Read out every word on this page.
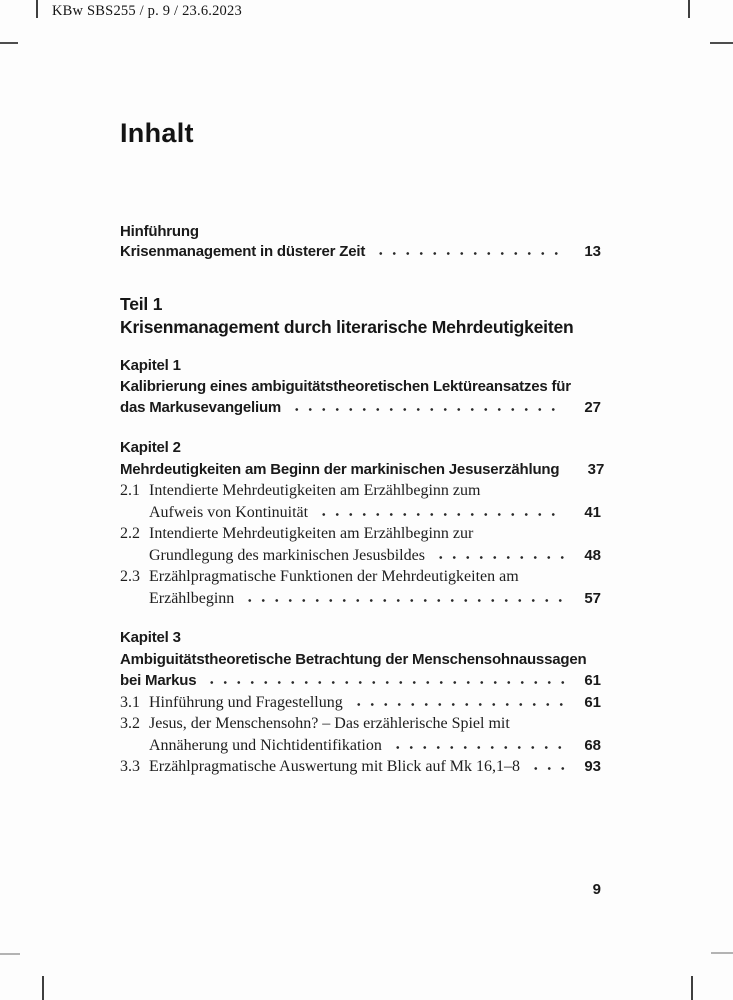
KBw SBS255 / p. 9 / 23.6.2023
Inhalt
Hinführung
Krisenmanagement in düsterer Zeit	13
Teil 1
Krisenmanagement durch literarische Mehrdeutigkeiten
Kapitel 1
Kalibrierung eines ambiguitätstheoretischen Lektüreansatzes für
das Markusevangelium	27
Kapitel 2
Mehrdeutigkeiten am Beginn der markinischen Jesuserzählung	37
2.1 Intendierte Mehrdeutigkeiten am Erzählbeginn zum
Aufweis von Kontinuität	41
2.2 Intendierte Mehrdeutigkeiten am Erzählbeginn zur
Grundlegung des markinischen Jesusbildes	48
2.3 Erzählpragmatische Funktionen der Mehrdeutigkeiten am
Erzählbeginn	57
Kapitel 3
Ambiguitätstheoretische Betrachtung der Menschensohnaussagen
bei Markus	61
3.1 Hinführung und Fragestellung	61
3.2 Jesus, der Menschensohn? – Das erzählerische Spiel mit
Annäherung und Nichtidentifikation	68
3.3 Erzählpragmatische Auswertung mit Blick auf Mk 16,1–8	93
9
